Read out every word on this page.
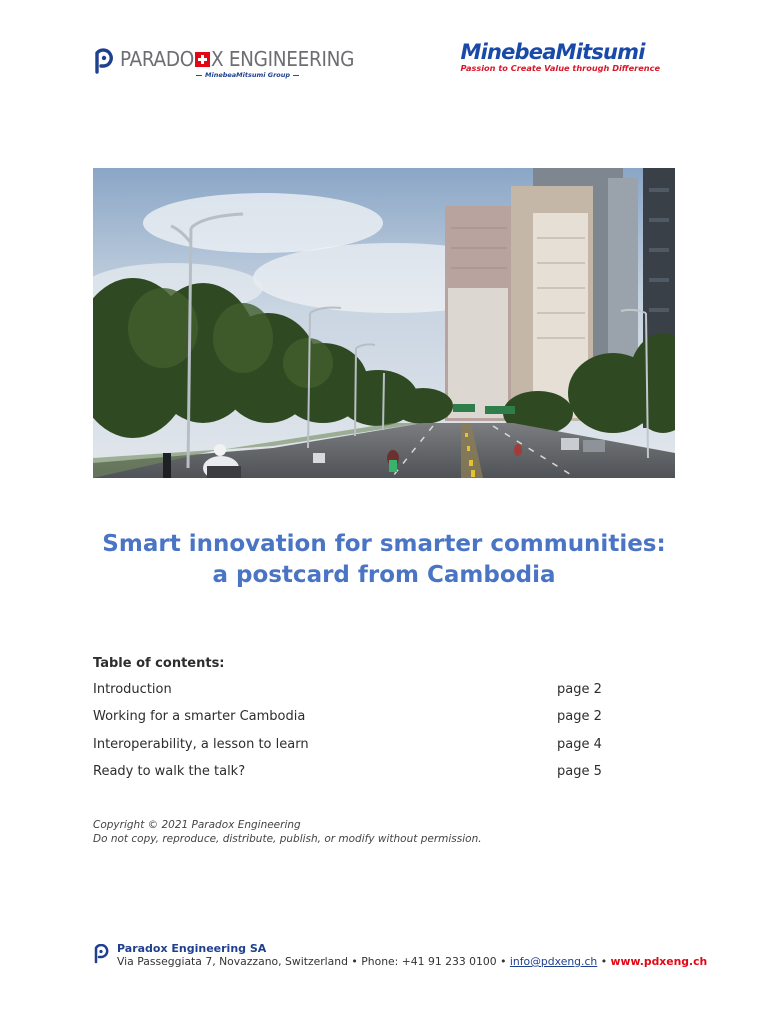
PARADO X ENGINEERING
MinebeaMitsumi Group
MinebeaMitsumi
Passion to Create Value through Difference
Smart innovation for smarter communities:
a postcard from Cambodia
Table of contents:
Introduction	page 2
Working for a smarter Cambodia	page 2
Interoperability, a lesson to learn	page 4
Ready to walk the talk?	page 5
Copyright © 2021 Paradox Engineering
Do not copy, reproduce, distribute, publish, or modify without permission.
Paradox Engineering SA
Via Passeggiata 7, Novazzano, Switzerland • Phone: +41 91 233 0100 • info@pdxeng.ch • www.pdxeng.ch
